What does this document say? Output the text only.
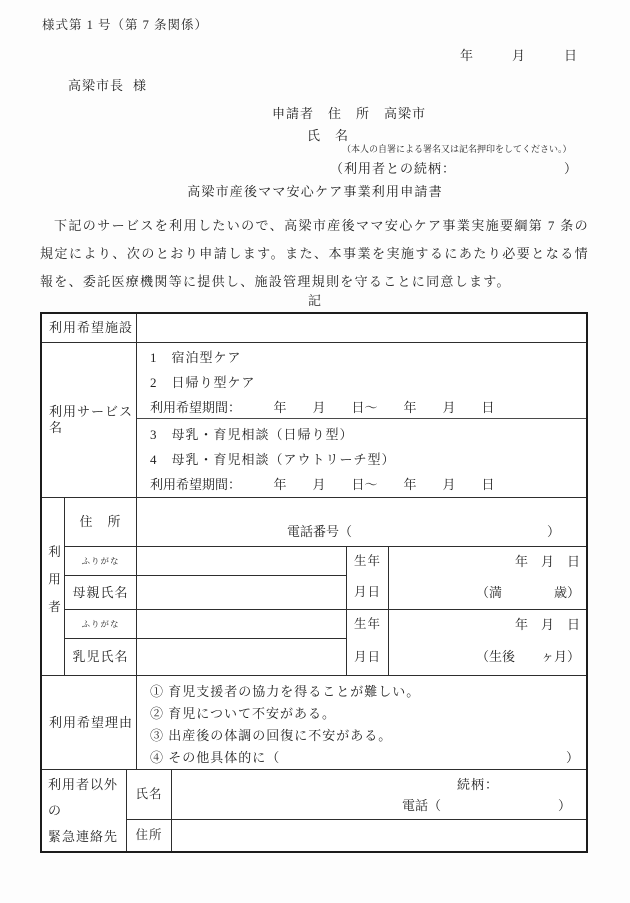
様式第 1 号（第 7 条関係）
年　　　月　　　日
高梁市長 様
申請者　住　所　高梁市
氏　名
（本人の自署による署名又は記名押印をしてください。）
（利用者との続柄：	）
高梁市産後ママ安心ケア事業利用申請書
下記のサービスを利用したいので、高梁市産後ママ安心ケア事業実施要綱第 7 条の規定により、次のとおり申請します。また、本事業を実施するにあたり必要となる情報を、委託医療機関等に提供し、施設管理規則を守ることに同意します。
記
利用希望施設
利用サービス名
1　宿泊型ケア
2　日帰り型ケア
利用希望期間：　　　年　　月　　日～　　年　　月　　日
3　母乳・育児相談（日帰り型）
4　母乳・育児相談（アウトリーチ型）
利用希望期間：　　　年　　月　　日～　　年　　月　　日
利用者
住　所
電話番号（　　　　　　　　　　　　　　　）
ふりがな
母親氏名
生年
月日
年　月　日
（満　　　　歳）
ふりがな
乳児氏名
生年
月日
年　月　日
（生後　　ヶ月）
利用希望理由
① 育児支援者の協力を得ることが難しい。
② 育児について不安がある。
③ 出産後の体調の回復に不安がある。
④ その他具体的に（	）
利用者以外の
緊急連絡先
氏名
続柄：
電話（　　　　　　　　　）
住所
